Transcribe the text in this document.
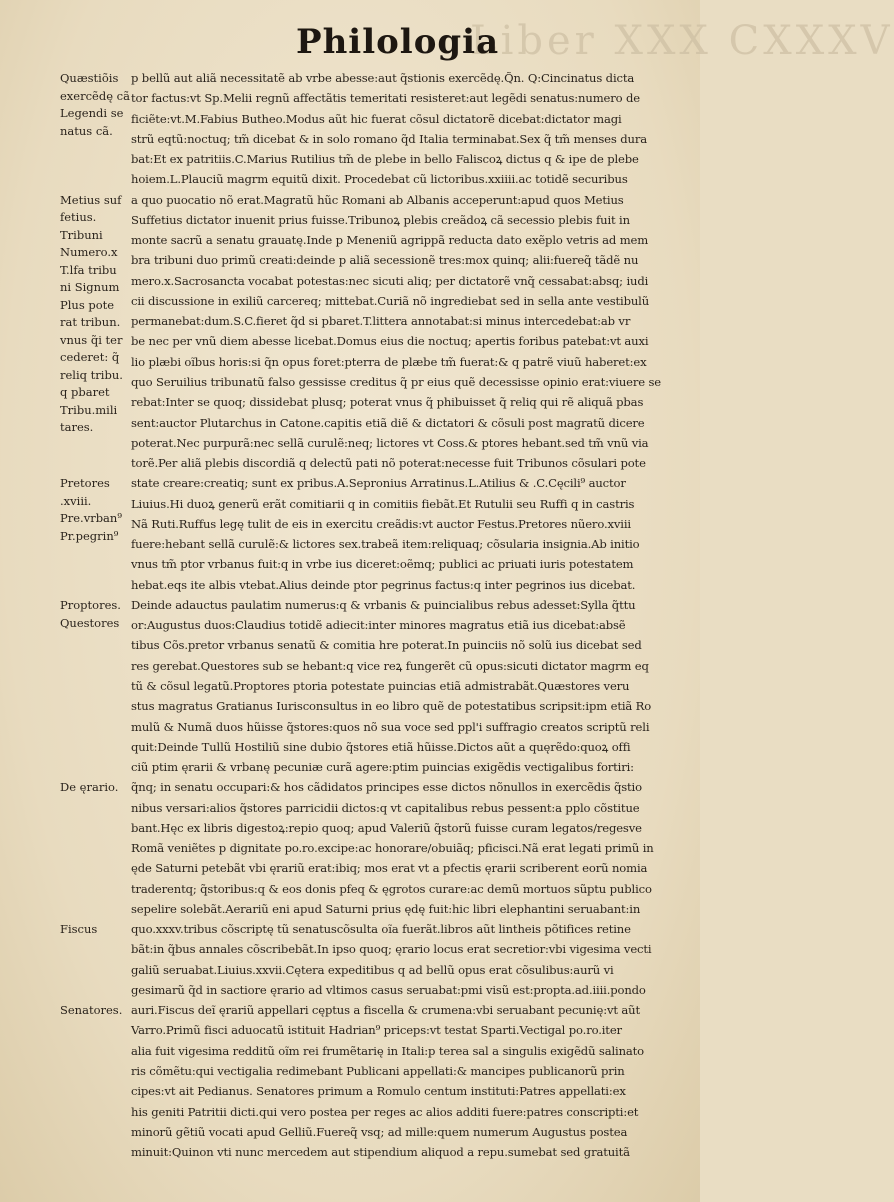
Liber XXX CXXXV
Philologia
Quæstiõis
exercẽdę cã
Legendi se
natus cã.
Metius suf
fetius.
Tribuni
Numero.x
T.lfa tribu
ni Signum
Plus pote
rat tribun.
vnus q̃i ter
cederet: q̃
reliq tribu.
q pbaret
Tribu.mili
tares.
Pretores
.xviii.
Pre.vrban⁹
Pr.pegrin⁹
Proptores.
Questores
De ęrario.
Fiscus
Senatores.
p bellũ aut aliã necessitatẽ ab vrbe abesse:aut q̃stionis exercẽdę.Q̃n. Q:Cincinatus dicta
tor factus:vt Sp.Melii regnũ affectãtis temeritati resisteret:aut legẽdi senatus:numero de
ficiẽte:vt.M.Fabius Butheo.Modus aũt hic fuerat cõsul dictatorẽ dicebat:dictator magi
strũ eqtũ:noctuq; tm̃ dicebat & in solo romano q̃d Italia terminabat.Sex q̃ tm̃ menses dura
bat:Et ex patritiis.C.Marius Rutilius tm̃ de plebe in bello Faliscoꝝ dictus q & ipe de plebe
hoiem.L.Plauciũ magrm equitũ dixit. Procedebat cũ lictoribus.xxiiii.ac totidẽ securibus
a quo puocatio nõ erat.Magratũ hũc Romani ab Albanis acceperunt:apud quos Metius
Suffetius dictator inuenit prius fuisse.Tribunoꝝ plebis creãdoꝝ cã secessio plebis fuit in
monte sacrũ a senatu grauatę.Inde p Meneniũ agrippã reducta dato exẽplo vetris ad mem
bra tribuni duo primũ creati:deinde p aliã secessionẽ tres:mox quinq; alii:fuereq̃ tãdẽ nu
mero.x.Sacrosancta vocabat potestas:nec sicuti aliq; per dictatorẽ vnq̃ cessabat:absq; iudi
cii discussione in exiliũ carcereq; mittebat.Curiã nõ ingrediebat sed in sella ante vestibulũ
permanebat:dum.S.C.fieret q̃d si pbaret.T.littera annotabat:si minus intercedebat:ab vr
be nec per vnũ diem abesse licebat.Domus eius die noctuq; apertis foribus patebat:vt auxi
lio plæbi oĩbus horis:si q̃n opus foret:pterra de plæbe tm̃ fuerat:& q patrẽ viuũ haberet:ex
quo Seruilius tribunatũ falso gessisse creditus q̃ pr eius quẽ decessisse opinio erat:viuere se
rebat:Inter se quoq; dissidebat plusq; poterat vnus q̃ phibuisset q̃ reliq qui rẽ aliquã pbas
sent:auctor Plutarchus in Catone.capitis etiã diẽ & dictatori & cõsuli post magratũ dicere
poterat.Nec purpurã:nec sellã curulẽ:neq; lictores vt Coss.& ptores hebant.sed tm̃ vnũ via
torẽ.Per aliã plebis discordiã q delectũ pati nõ poterat:necesse fuit Tribunos cõsulari pote
state creare:creatiq; sunt ex pribus.A.Sepronius Arratinus.L.Atilius & .C.Cęcili⁹ auctor
Liuius.Hi duoꝝ generũ erãt comitiarii q in comitiis fiebãt.Et Rutulii seu Ruffi q in castris
Nã Ruti.Ruffus legę tulit de eis in exercitu creãdis:vt auctor Festus.Pretores nũero.xviii
fuere:hebant sellã curulẽ:& lictores sex.trabeã item:reliquaq; cõsularia insignia.Ab initio
vnus tm̃ ptor vrbanus fuit:q in vrbe ius diceret:oẽmq; publici ac priuati iuris potestatem
hebat.eqs ite albis vtebat.Alius deinde ptor pegrinus factus:q inter pegrinos ius dicebat.
Deinde adauctus paulatim numerus:q & vrbanis & puincialibus rebus adesset:Sylla q̃ttu
or:Augustus duos:Claudius totidẽ adiecit:inter minores magratus etiã ius dicebat:absẽ
tibus Cõs.pretor vrbanus senatũ & comitia hre poterat.In puinciis nõ solũ ius dicebat sed
res gerebat.Questores sub se hebant:q vice reꝝ fungerẽt cũ opus:sicuti dictator magrm eq
tũ & cõsul legatũ.Proptores ptoria potestate puincias etiã admistrabãt.Quæstores veru
stus magratus Gratianus Iurisconsultus in eo libro quẽ de potestatibus scripsit:ipm etiã Ro
mulũ & Numã duos hũisse q̃stores:quos nõ sua voce sed ppl'i suffragio creatos scriptũ reli
quit:Deinde Tullũ Hostiliũ sine dubio q̃stores etiã hũisse.Dictos aũt a quęrẽdo:quoꝝ offi
ciũ ptim ęrarii & vrbanę pecuniæ curã agere:ptim puincias exigẽdis vectigalibus fortiri:
q̃nq; in senatu occupari:& hos cãdidatos principes esse dictos nõnullos in exercẽdis q̃stio
nibus versari:alios q̃stores parricidii dictos:q vt capitalibus rebus pessent:a pplo cõstitue
bant.Hęc ex libris digestoꝝ:repio quoq; apud Valeriũ q̃storũ fuisse curam legatos/regesve
Romã veniẽtes p dignitate po.ro.excipe:ac honorare/obuiãq; pficisci.Nã erat legati primũ in
ęde Saturni petebãt vbi ęrariũ erat:ibiq; mos erat vt a pfectis ęrarii scriberent eorũ nomia
traderentq; q̃storibus:q & eos donis pfeq & ęgrotos curare:ac demũ mortuos sũptu publico
sepelire solebãt.Aerariũ eni apud Saturni prius ędę fuit:hic libri elephantini seruabant:in
quo.xxxv.tribus cõscriptę tũ senatuscõsulta oĩa fuerãt.libros aũt lintheis põtifices retine
bãt:in q̃bus annales cõscribebãt.In ipso quoq; ęrario locus erat secretior:vbi vigesima vecti
galiũ seruabat.Liuius.xxvii.Cętera expeditibus q ad bellũ opus erat cõsulibus:aurũ vi
gesimarũ q̃d in sactiore ęrario ad vltimos casus seruabat:pmi visũ est:propta.ad.iiii.pondo
auri.Fiscus deĩ ęrariũ appellari cęptus a fiscella & crumena:vbi seruabant pecunię:vt aũt
Varro.Primũ fisci aduocatũ istituit Hadrian⁹ priceps:vt testat Sparti.Vectigal po.ro.iter
alia fuit vigesima redditũ oĩm rei frumẽtarię in Itali:p terea sal a singulis exigẽdũ salinato
ris cõmẽtu:qui vectigalia redimebant Publicani appellati:& mancipes publicanorũ prin
cipes:vt ait Pedianus. Senatores primum a Romulo centum instituti:Patres appellati:ex
his geniti Patritii dicti.qui vero postea per reges ac alios additi fuere:patres conscripti:et
minorũ gẽtiũ vocati apud Gelliũ.Fuereq̃ vsq; ad mille:quem numerum Augustus postea
minuit:Quinon vti nunc mercedem aut stipendium aliquod a repu.sumebat sed gratuitã
